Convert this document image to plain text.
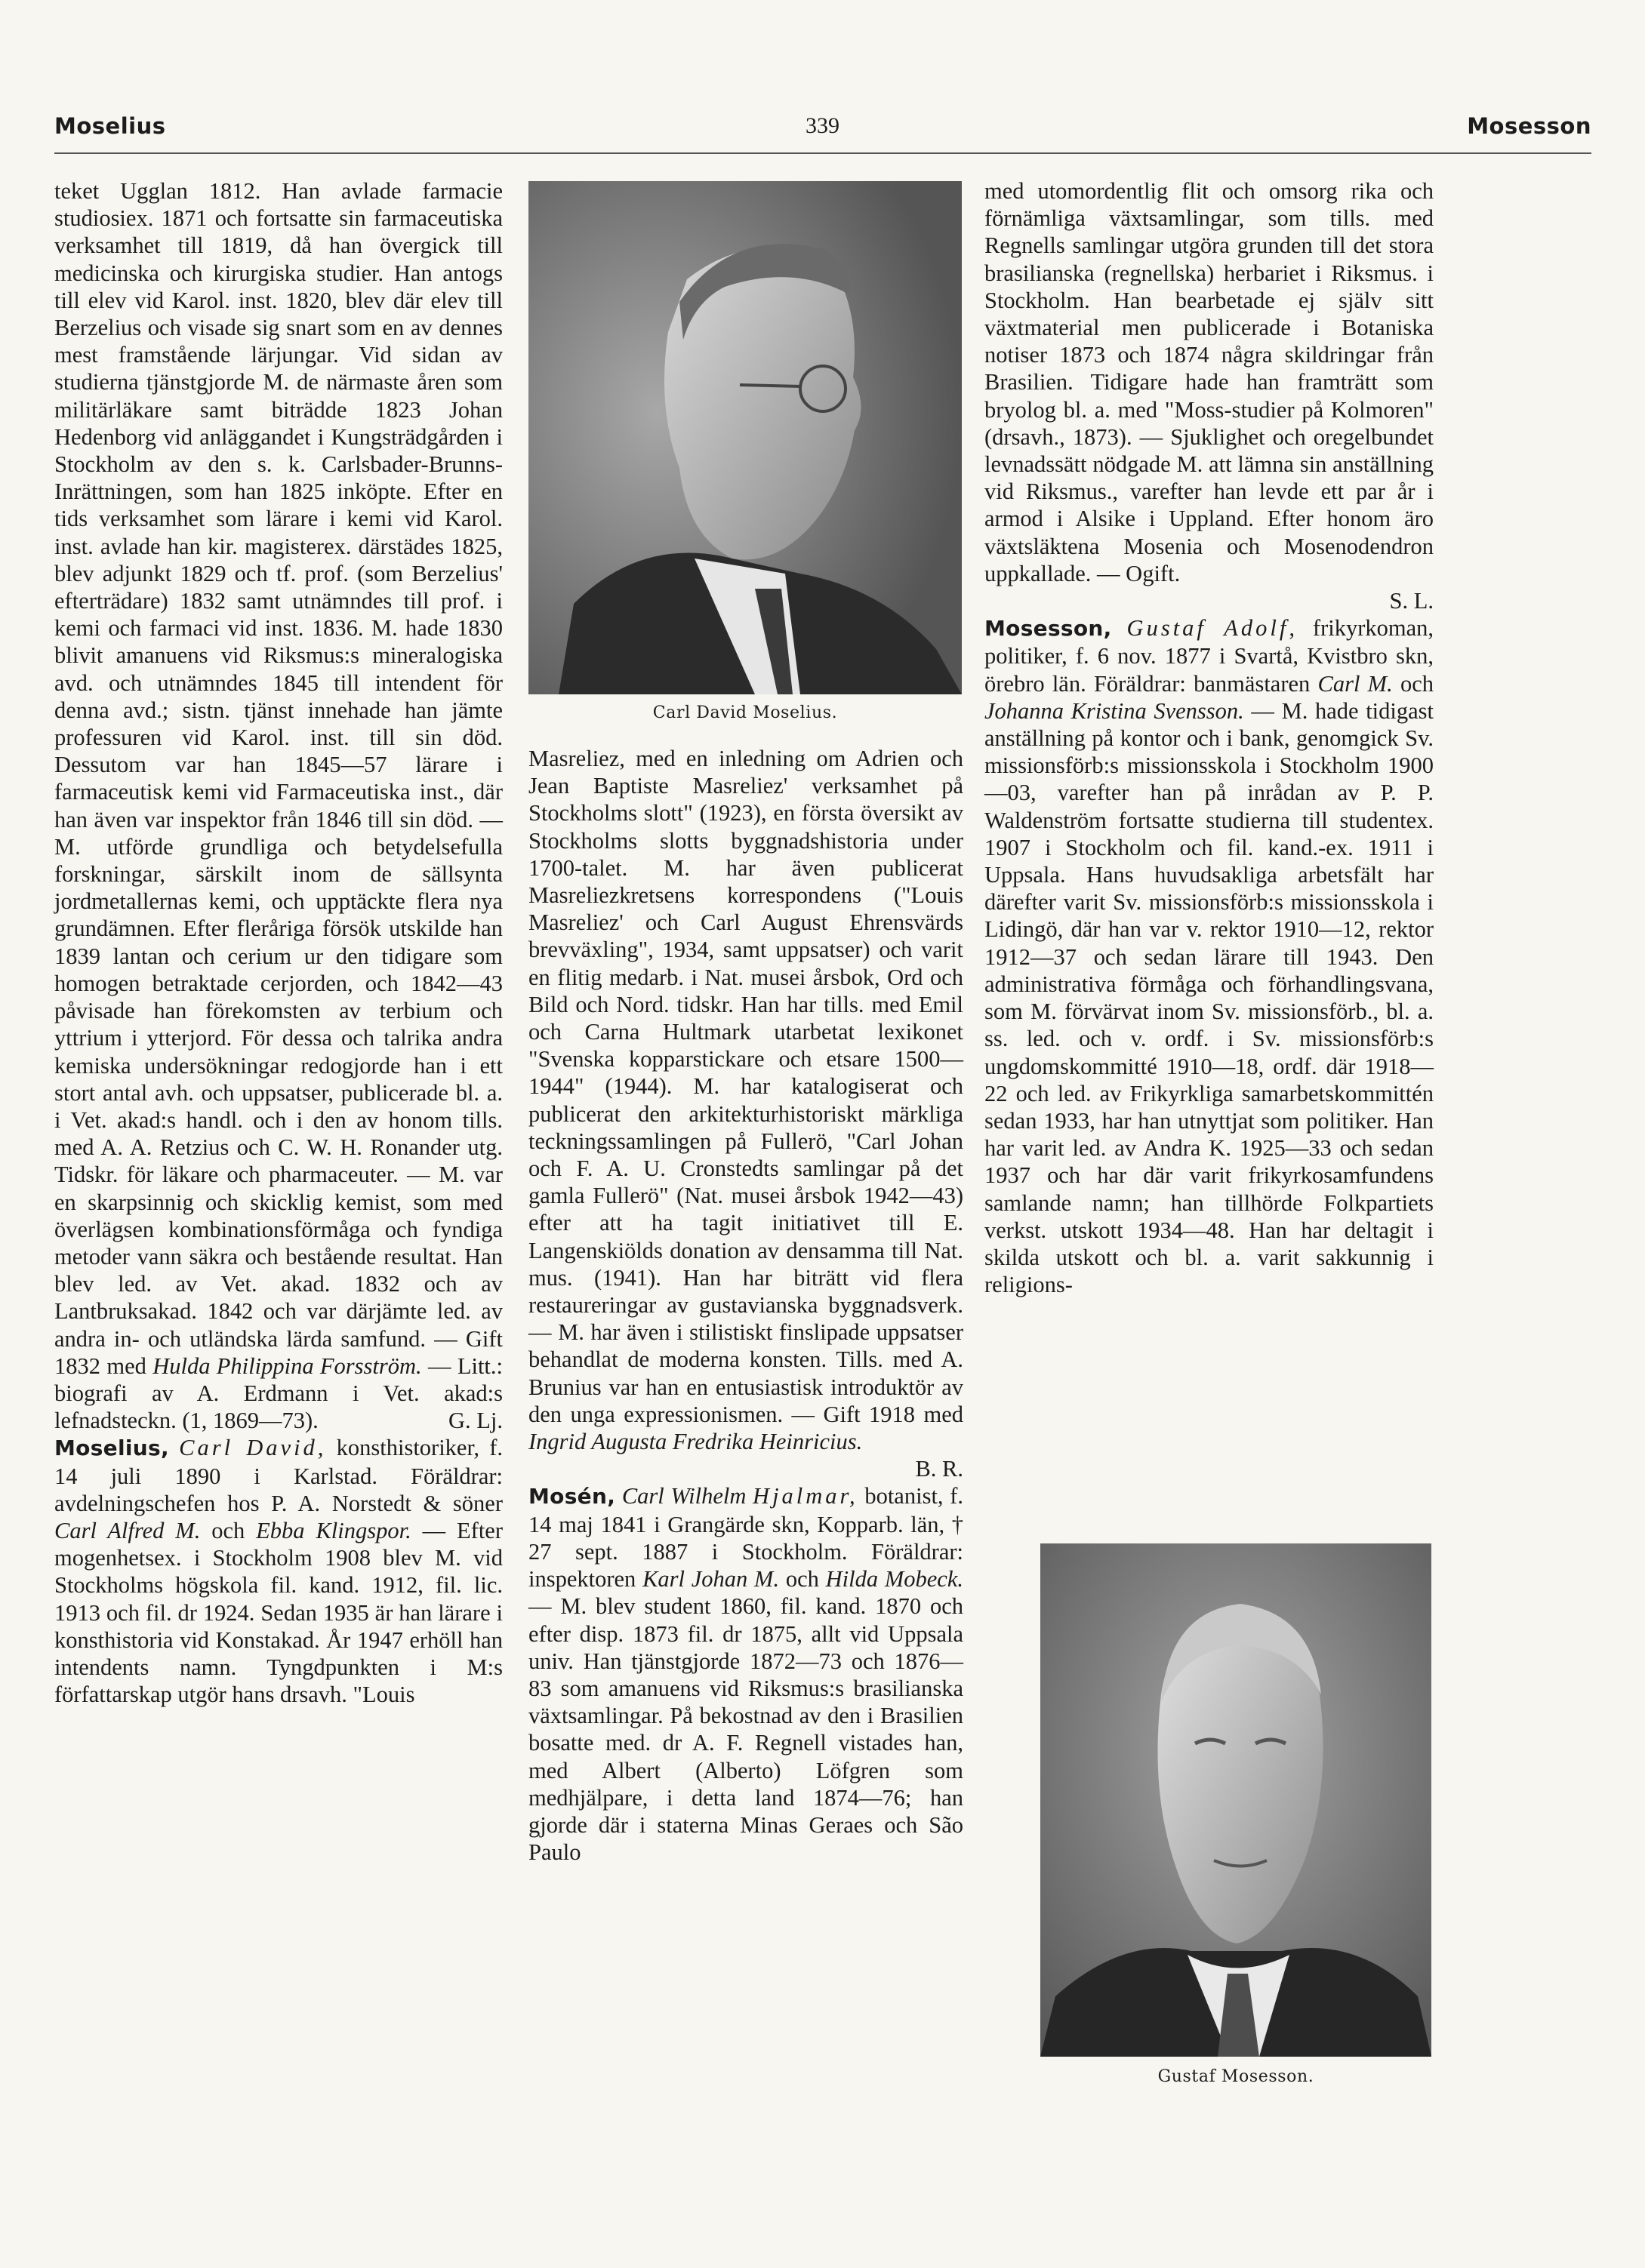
Moselius	339	Mosesson

teket Ugglan 1812. Han avlade farmacie studiosiex. 1871 och fortsatte sin farmaceutiska verksamhet till 1819, då han övergick till medicinska och kirurgiska studier. Han antogs till elev vid Karol. inst. 1820, blev där elev till Berzelius och visade sig snart som en av dennes mest framstående lärjungar. Vid sidan av studierna tjänstgjorde M. de närmaste åren som militärläkare samt biträdde 1823 Johan Hedenborg vid anläggandet i Kungsträdgården i Stockholm av den s. k. Carlsbader-Brunns-Inrättningen, som han 1825 inköpte. Efter en tids verksamhet som lärare i kemi vid Karol. inst. avlade han kir. magisterex. därstädes 1825, blev adjunkt 1829 och tf. prof. (som Berzelius' efterträdare) 1832 samt utnämndes till prof. i kemi och farmaci vid inst. 1836. M. hade 1830 blivit amanuens vid Riksmus:s mineralogiska avd. och utnämndes 1845 till intendent för denna avd.; sistn. tjänst innehade han jämte professuren vid Karol. inst. till sin död. Dessutom var han 1845—57 lärare i farmaceutisk kemi vid Farmaceutiska inst., där han även var inspektor från 1846 till sin död. — M. utförde grundliga och betydelsefulla forskningar, särskilt inom de sällsynta jordmetallernas kemi, och upptäckte flera nya grundämnen. Efter fleråriga försök utskilde han 1839 lantan och cerium ur den tidigare som homogen betraktade cerjorden, och 1842—43 påvisade han förekomsten av terbium och yttrium i ytterjord. För dessa och talrika andra kemiska undersökningar redogjorde han i ett stort antal avh. och uppsatser, publicerade bl. a. i Vet. akad:s handl. och i den av honom tills. med A. A. Retzius och C. W. H. Ronander utg. Tidskr. för läkare och pharmaceuter. — M. var en skarpsinnig och skicklig kemist, som med överlägsen kombinationsförmåga och fyndiga metoder vann säkra och bestående resultat. Han blev led. av Vet. akad. 1832 och av Lantbruksakad. 1842 och var därjämte led. av andra in- och utländska lärda samfund. — Gift 1832 med Hulda Philippina Forsström. — Litt.: biografi av A. Erdmann i Vet. akad:s lefnadsteckn. (1, 1869—73).	G. Lj.

Moselius, Carl David, konsthistoriker, f. 14 juli 1890 i Karlstad. Föräldrar: avdelningschefen hos P. A. Norstedt & söner Carl Alfred M. och Ebba Klingspor. — Efter mogenhetsex. i Stockholm 1908 blev M. vid Stockholms högskola fil. kand. 1912, fil. lic. 1913 och fil. dr 1924. Sedan 1935 är han lärare i konsthistoria vid Konstakad. År 1947 erhöll han intendents namn. Tyngdpunkten i M:s författarskap utgör hans drsavh. "Louis

Carl David Moselius.

Masreliez, med en inledning om Adrien och Jean Baptiste Masreliez' verksamhet på Stockholms slott" (1923), en första översikt av Stockholms slotts byggnadshistoria under 1700-talet. M. har även publicerat Masreliezkretsens korrespondens ("Louis Masreliez' och Carl August Ehrensvärds brevväxling", 1934, samt uppsatser) och varit en flitig medarb. i Nat. musei årsbok, Ord och Bild och Nord. tidskr. Han har tills. med Emil och Carna Hultmark utarbetat lexikonet "Svenska kopparstickare och etsare 1500—1944" (1944). M. har katalogiserat och publicerat den arkitekturhistoriskt märkliga teckningssamlingen på Fullerö, "Carl Johan och F. A. U. Cronstedts samlingar på det gamla Fullerö" (Nat. musei årsbok 1942—43) efter att ha tagit initiativet till E. Langenskiölds donation av densamma till Nat. mus. (1941). Han har biträtt vid flera restaureringar av gustavianska byggnadsverk. — M. har även i stilistiskt finslipade uppsatser behandlat de moderna konsten. Tills. med A. Brunius var han en entusiastisk introduktör av den unga expressionismen. — Gift 1918 med Ingrid Augusta Fredrika Heinricius.

B. R.

Mosén, Carl Wilhelm Hjalmar, botanist, f. 14 maj 1841 i Grangärde skn, Kopparb. län, † 27 sept. 1887 i Stockholm. Föräldrar: inspektoren Karl Johan M. och Hilda Mobeck. — M. blev student 1860, fil. kand. 1870 och efter disp. 1873 fil. dr 1875, allt vid Uppsala univ. Han tjänstgjorde 1872—73 och 1876—83 som amanuens vid Riksmus:s brasilianska växtsamlingar. På bekostnad av den i Brasilien bosatte med. dr A. F. Regnell vistades han, med Albert (Alberto) Löfgren som medhjälpare, i detta land 1874—76; han gjorde där i staterna Minas Geraes och São Paulo

med utomordentlig flit och omsorg rika och förnämliga växtsamlingar, som tills. med Regnells samlingar utgöra grunden till det stora brasilianska (regnellska) herbariet i Riksmus. i Stockholm. Han bearbetade ej själv sitt växtmaterial men publicerade i Botaniska notiser 1873 och 1874 några skildringar från Brasilien. Tidigare hade han framträtt som bryolog bl. a. med "Moss-studier på Kolmoren" (drsavh., 1873). — Sjuklighet och oregelbundet levnadssätt nödgade M. att lämna sin anställning vid Riksmus., varefter han levde ett par år i armod i Alsike i Uppland. Efter honom äro växtsläktena Mosenia och Mosenodendron uppkallade. — Ogift.

S. L.

Mosesson, Gustaf Adolf, frikyrkoman, politiker, f. 6 nov. 1877 i Svartå, Kvistbro skn, örebro län. Föräldrar: banmästaren Carl M. och Johanna Kristina Svensson. — M. hade tidigast anställning på kontor och i bank, genomgick Sv. missionsförb:s missionsskola i Stockholm 1900—03, varefter han på inrådan av P. P. Waldenström fortsatte studierna till studentex. 1907 i Stockholm och fil. kand.-ex. 1911 i Uppsala. Hans huvudsakliga arbetsfält har därefter varit Sv. missionsförb:s missionsskola i Lidingö, där han var v. rektor 1910—12, rektor 1912—37 och sedan lärare till 1943. Den administrativa förmåga och förhandlingsvana, som M. förvärvat inom Sv. missionsförb., bl. a. ss. led. och v. ordf. i Sv. missionsförb:s ungdomskommitté 1910—18, ordf. där 1918—22 och led. av Frikyrkliga samarbetskommittén sedan 1933, har han utnyttjat som politiker. Han har varit led. av Andra K. 1925—33 och sedan 1937 och har där varit frikyrkosamfundens samlande namn; han tillhörde Folkpartiets verkst. utskott 1934—48. Han har deltagit i skilda utskott och bl. a. varit sakkunnig i religions-

Gustaf Mosesson.
